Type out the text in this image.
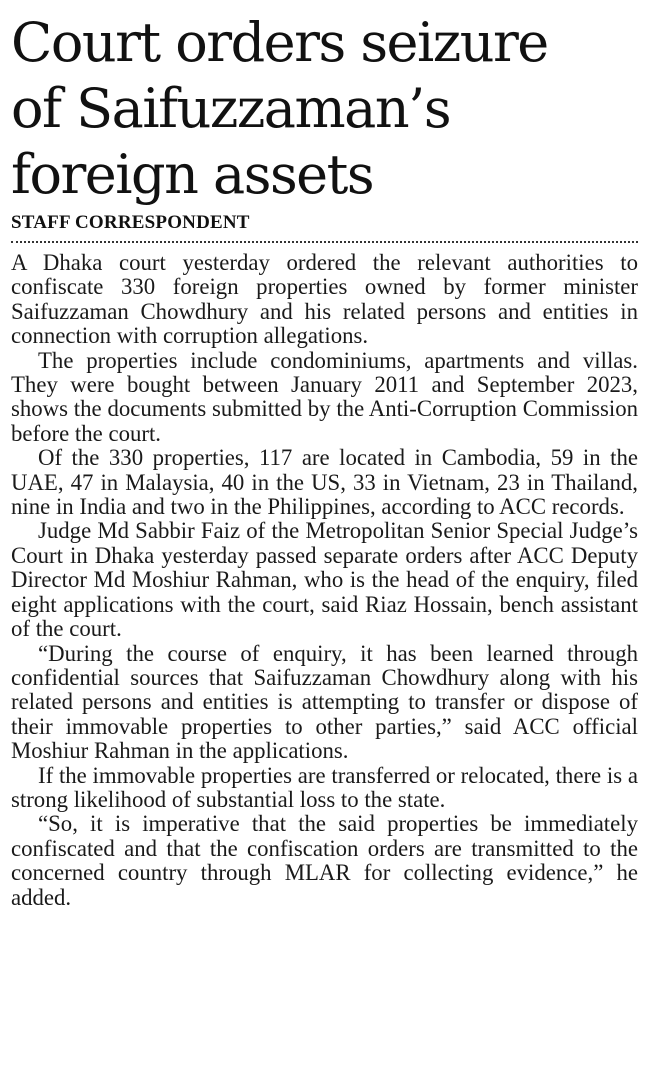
Court orders seizure
of Saifuzzaman’s
foreign assets
STAFF CORRESPONDENT

A Dhaka court yesterday ordered the relevant authorities to confiscate 330 foreign properties owned by former minister Saifuzzaman Chowdhury and his related persons and entities in connection with corruption allegations.

The properties include condominiums, apartments and villas. They were bought between January 2011 and September 2023, shows the documents submitted by the Anti-Corruption Commission before the court.

Of the 330 properties, 117 are located in Cambodia, 59 in the UAE, 47 in Malaysia, 40 in the US, 33 in Vietnam, 23 in Thailand, nine in India and two in the Philippines, according to ACC records.

Judge Md Sabbir Faiz of the Metropolitan Senior Special Judge’s Court in Dhaka yesterday passed separate orders after ACC Deputy Director Md Moshiur Rahman, who is the head of the enquiry, filed eight applications with the court, said Riaz Hossain, bench assistant of the court.

“During the course of enquiry, it has been learned through confidential sources that Saifuzzaman Chowdhury along with his related persons and entities is attempting to transfer or dispose of their immovable properties to other parties,” said ACC official Moshiur Rahman in the applications.

If the immovable properties are transferred or relocated, there is a strong likelihood of substantial loss to the state.

“So, it is imperative that the said properties be immediately confiscated and that the confiscation orders are transmitted to the concerned country through MLAR for collecting evidence,” he added.
